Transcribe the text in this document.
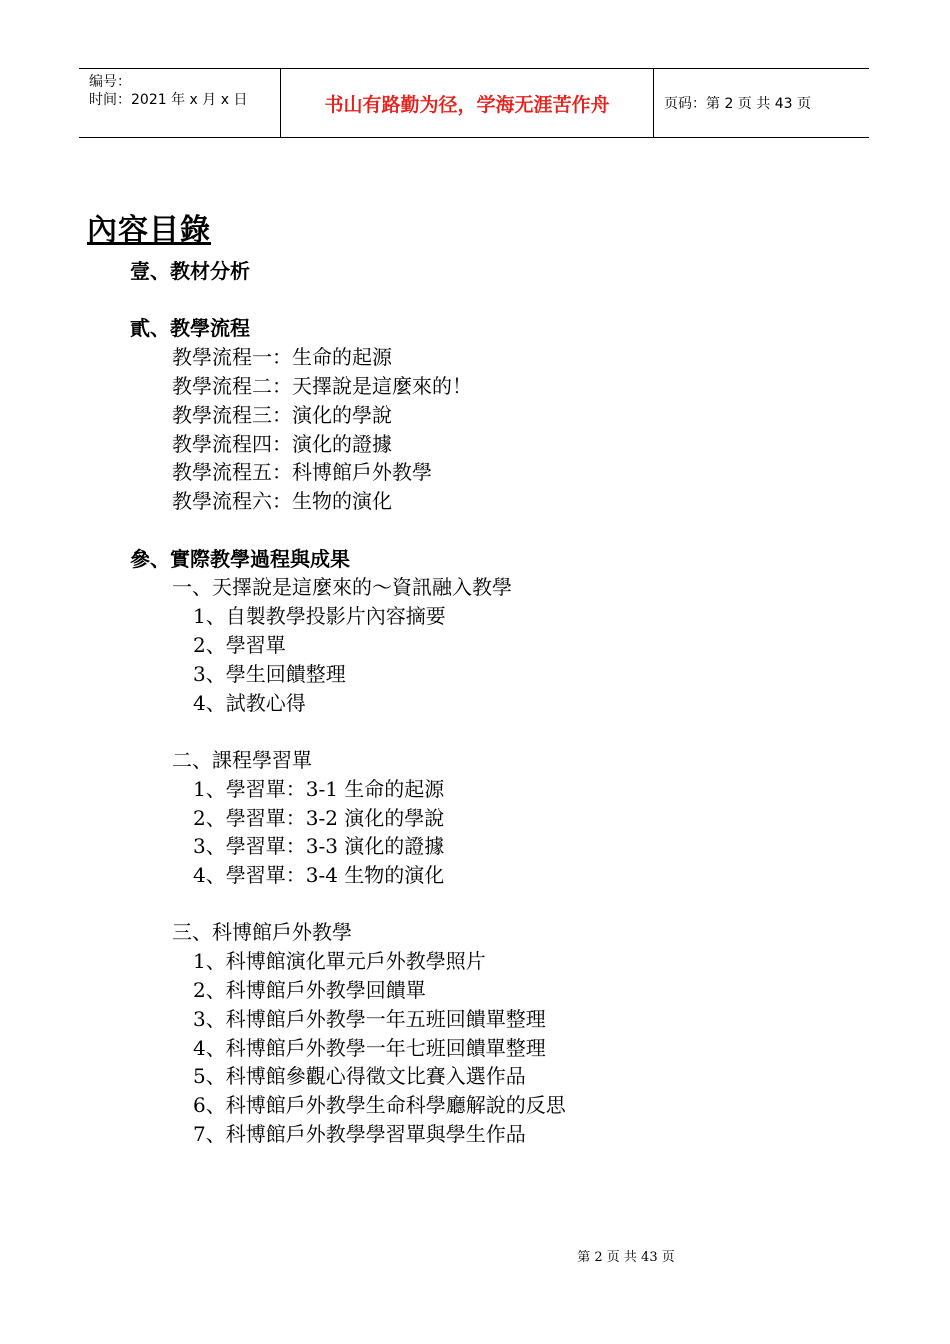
编号：
时间：2021 年 x 月 x 日	书山有路勤为径，学海无涯苦作舟	页码：第 2 页 共 43 页
內容目錄
壹、教材分析
貳、教學流程
教學流程一：生命的起源
教學流程二：天擇說是這麼來的！
教學流程三：演化的學說
教學流程四：演化的證據
教學流程五：科博館戶外教學
教學流程六：生物的演化
參、實際教學過程與成果
一、天擇說是這麼來的～資訊融入教學
1、自製教學投影片內容摘要
2、學習單
3、學生回饋整理
4、試教心得
二、課程學習單
1、學習單：3-1 生命的起源
2、學習單：3-2 演化的學說
3、學習單：3-3 演化的證據
4、學習單：3-4 生物的演化
三、科博館戶外教學
1、科博館演化單元戶外教學照片
2、科博館戶外教學回饋單
3、科博館戶外教學一年五班回饋單整理
4、科博館戶外教學一年七班回饋單整理
5、科博館參觀心得徵文比賽入選作品
6、科博館戶外教學生命科學廳解說的反思
7、科博館戶外教學學習單與學生作品
第 2 页 共 43 页
